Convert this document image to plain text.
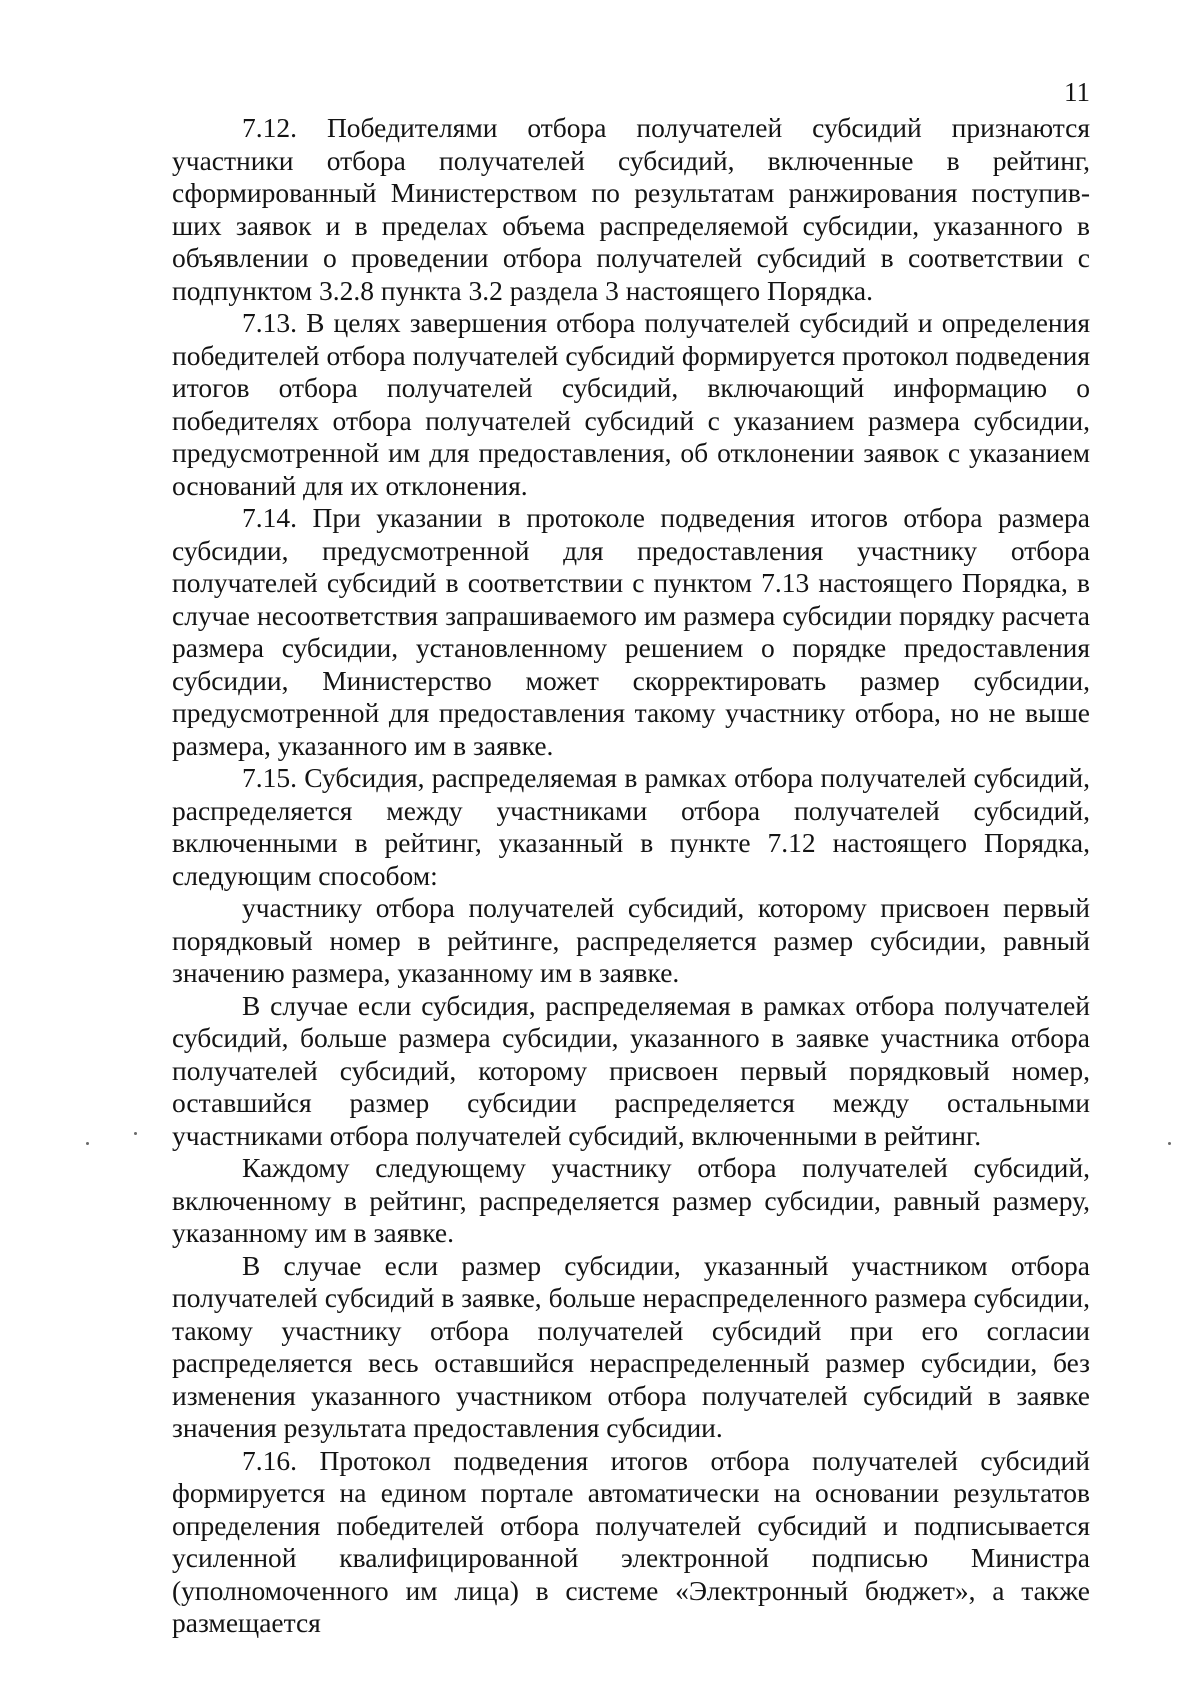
11

7.12. Победителями отбора получателей субсидий признаются участники отбора получателей субсидий, включенные в рейтинг, сформированный Министерством по результатам ранжирования поступив-ших заявок и в пределах объема распределяемой субсидии, указанного в объявлении о проведении отбора получателей субсидий в соответствии с подпунктом 3.2.8 пункта 3.2 раздела 3 настоящего Порядка.

7.13. В целях завершения отбора получателей субсидий и определения победителей отбора получателей субсидий формируется протокол подведения итогов отбора получателей субсидий, включающий информацию о победителях отбора получателей субсидий с указанием размера субсидии, предусмотренной им для предоставления, об отклонении заявок с указанием оснований для их отклонения.

7.14. При указании в протоколе подведения итогов отбора размера субсидии, предусмотренной для предоставления участнику отбора получателей субсидий в соответствии с пунктом 7.13 настоящего Порядка, в случае несоответствия запрашиваемого им размера субсидии порядку расчета размера субсидии, установленному решением о порядке предоставления субсидии, Министерство может скорректировать размер субсидии, предусмотренной для предоставления такому участнику отбора, но не выше размера, указанного им в заявке.

7.15. Субсидия, распределяемая в рамках отбора получателей субсидий, распределяется между участниками отбора получателей субсидий, включенными в рейтинг, указанный в пункте 7.12 настоящего Порядка, следующим способом:

участнику отбора получателей субсидий, которому присвоен первый порядковый номер в рейтинге, распределяется размер субсидии, равный значению размера, указанному им в заявке.

В случае если субсидия, распределяемая в рамках отбора получателей субсидий, больше размера субсидии, указанного в заявке участника отбора получателей субсидий, которому присвоен первый порядковый номер, оставшийся размер субсидии распределяется между остальными участниками отбора получателей субсидий, включенными в рейтинг.

Каждому следующему участнику отбора получателей субсидий, включенному в рейтинг, распределяется размер субсидии, равный размеру, указанному им в заявке.

В случае если размер субсидии, указанный участником отбора получателей субсидий в заявке, больше нераспределенного размера субсидии, такому участнику отбора получателей субсидий при его согласии распределяется весь оставшийся нераспределенный размер субсидии, без изменения указанного участником отбора получателей субсидий в заявке значения результата предоставления субсидии.

7.16. Протокол подведения итогов отбора получателей субсидий формируется на едином портале автоматически на основании результатов определения победителей отбора получателей субсидий и подписывается усиленной квалифицированной электронной подписью Министра (уполномоченного им лица) в системе «Электронный бюджет», а также размещается
